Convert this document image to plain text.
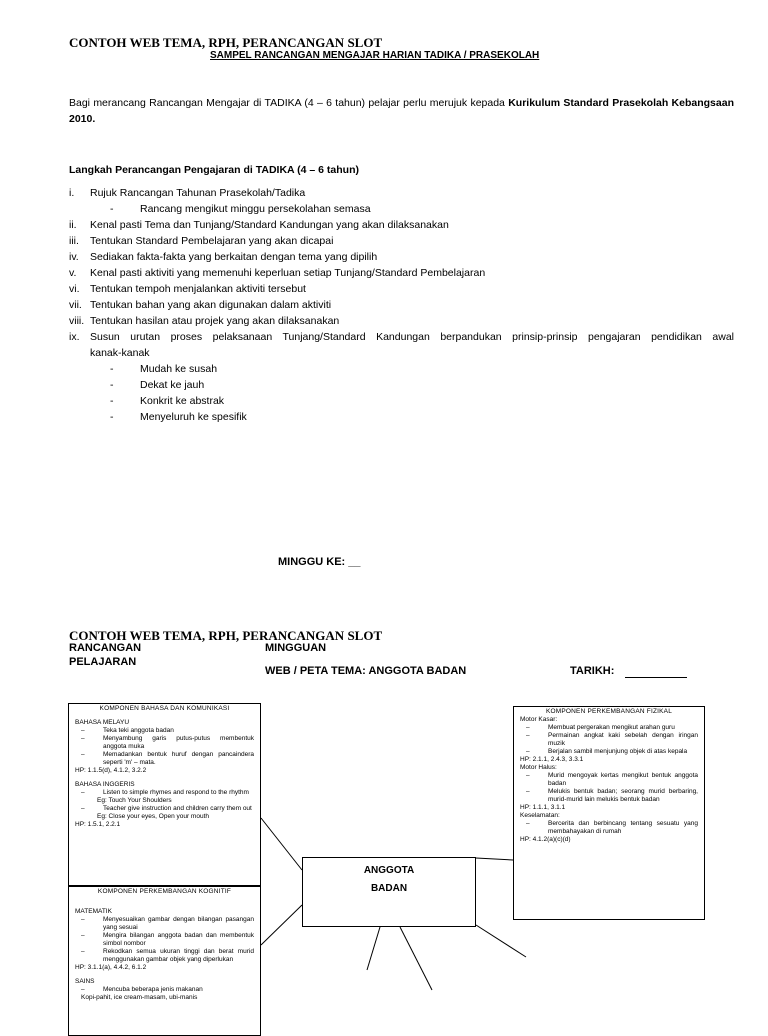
CONTOH WEB TEMA, RPH, PERANCANGAN SLOT
SAMPEL RANCANGAN MENGAJAR HARIAN TADIKA / PRASEKOLAH
Bagi merancang Rancangan Mengajar di TADIKA (4 – 6 tahun) pelajar perlu merujuk kepada Kurikulum Standard Prasekolah Kebangsaan 2010.
Langkah Perancangan Pengajaran di TADIKA (4 – 6 tahun)
i. Rujuk Rancangan Tahunan Prasekolah/Tadika
-	Rancang mengikut minggu persekolahan semasa
ii. Kenal pasti Tema dan Tunjang/Standard Kandungan yang akan dilaksanakan
iii. Tentukan Standard Pembelajaran yang akan dicapai
iv. Sediakan fakta-fakta yang berkaitan dengan tema yang dipilih
v. Kenal pasti aktiviti yang memenuhi keperluan setiap Tunjang/Standard Pembelajaran
vi. Tentukan tempoh menjalankan aktiviti tersebut
vii. Tentukan bahan yang akan digunakan dalam aktiviti
viii. Tentukan hasilan atau projek yang akan dilaksanakan
ix. Susun urutan proses pelaksanaan Tunjang/Standard Kandungan berpandukan prinsip-prinsip pengajaran pendidikan awal
kanak-kanak
-	Mudah ke susah
-	Dekat ke jauh
-	Konkrit ke abstrak
-	Menyeluruh ke spesifik
MINGGU KE: __
CONTOH WEB TEMA, RPH, PERANCANGAN SLOT
RANCANGAN
PELAJARAN
MINGGUAN
WEB / PETA TEMA: ANGGOTA BADAN	TARIKH:
KOMPONEN BAHASA DAN KOMUNIKASI
BAHASA MELAYU
– Teka teki anggota badan
– Menyambung garis putus-putus membentuk anggota muka
– Memadankan bentuk huruf dengan pancaindera seperti 'm' – mata.
HP: 1.1.5(d), 4.1.2, 3.2.2
BAHASA INGGERIS
– Listen to simple rhymes and respond to the rhythm
Eg: Touch Your Shoulders
– Teacher give instruction and children carry them out
Eg: Close your eyes, Open your mouth
HP: 1.5.1, 2.2.1
KOMPONEN PERKEMBANGAN KOGNITIF
MATEMATIK
– Menyesuaikan gambar dengan bilangan pasangan yang sesuai
– Mengira bilangan anggota badan dan membentuk simbol nombor
– Rekodkan semua ukuran tinggi dan berat murid menggunakan gambar objek yang diperlukan
HP: 3.1.1(a), 4.4.2, 6.1.2
SAINS
– Mencuba beberapa jenis makanan
Kopi-pahit, ice cream-masam, ubi-manis
KOMPONEN PERKEMBANGAN FIZIKAL
Motor Kasar:
– Membuat pergerakan mengikut arahan guru
– Permainan angkat kaki sebelah dengan iringan muzik
– Berjalan sambil menjunjung objek di atas kepala
HP: 2.1.1, 2.4.3, 3.3.1
Motor Halus:
– Murid mengoyak kertas mengikut bentuk anggota badan
– Melukis bentuk badan; seorang murid berbaring, murid-murid lain melukis bentuk badan
HP: 1.1.1, 3.1.1
Keselamatan:
– Bercerita dan berbincang tentang sesuatu yang membahayakan di rumah
HP: 4.1.2(a)(c)(d)
ANGGOTA
BADAN
